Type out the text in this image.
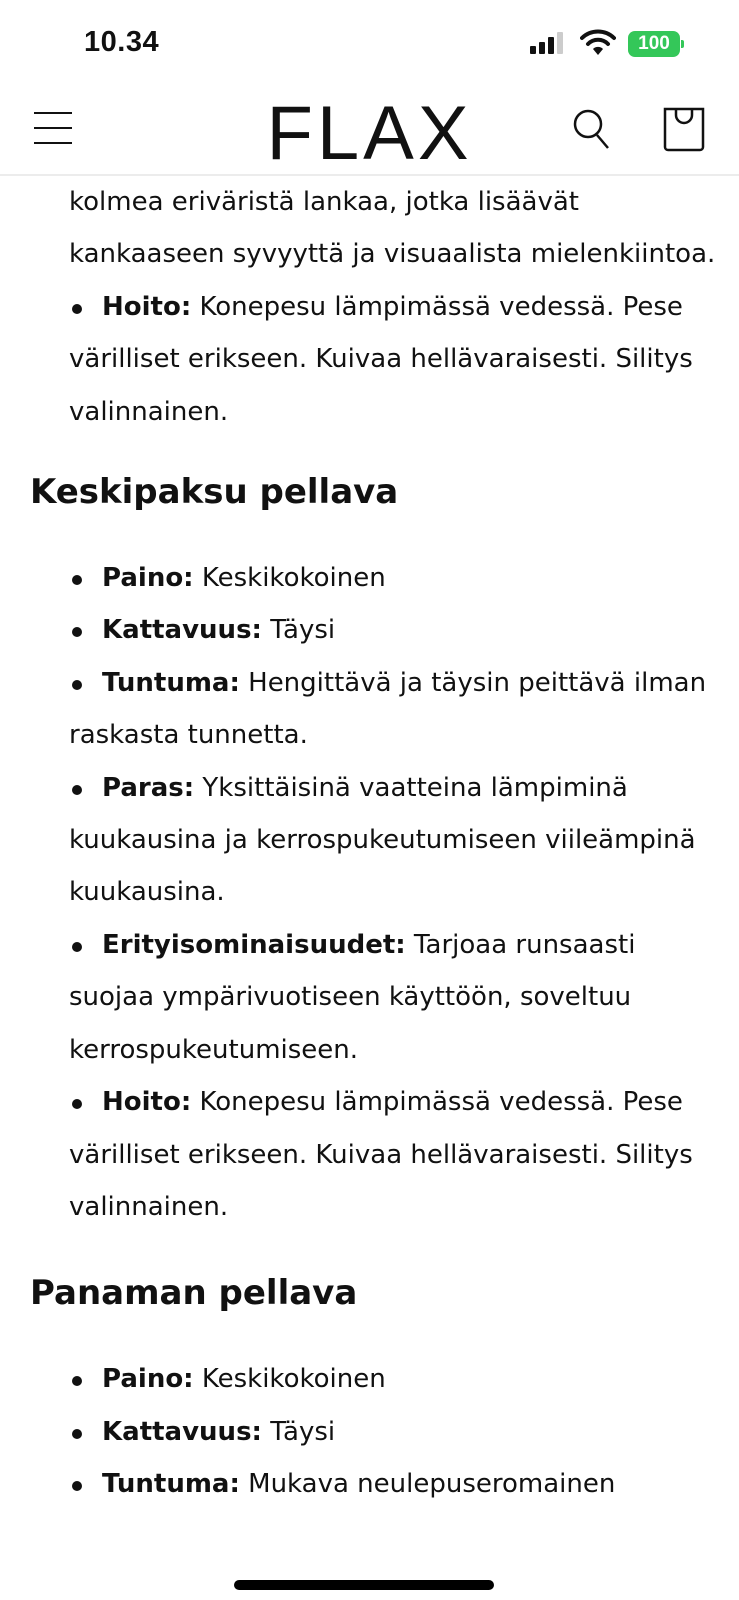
10.34	100
FLAX

kolmea eriväristä lankaa, jotka lisäävät kankaaseen syvyyttä ja visuaalista mielenkiintoa.

Hoito: Konepesu lämpimässä vedessä. Pese värilliset erikseen. Kuivaa hellävaraisesti. Silitys valinnainen.
Keskipaksu pellava
Paino: Keskikokoinen
Kattavuus: Täysi
Tuntuma: Hengittävä ja täysin peittävä ilman raskasta tunnetta.
Paras: Yksittäisinä vaatteina lämpiminä kuukausina ja kerrospukeutumiseen viileämpinä kuukausina.
Erityisominaisuudet: Tarjoaa runsaasti suojaa ympärivuotiseen käyttöön, soveltuu kerrospukeutumiseen.
Hoito: Konepesu lämpimässä vedessä. Pese värilliset erikseen. Kuivaa hellävaraisesti. Silitys valinnainen.
Panaman pellava
Paino: Keskikokoinen
Kattavuus: Täysi
Tuntuma: Mukava neulepuseromainen
